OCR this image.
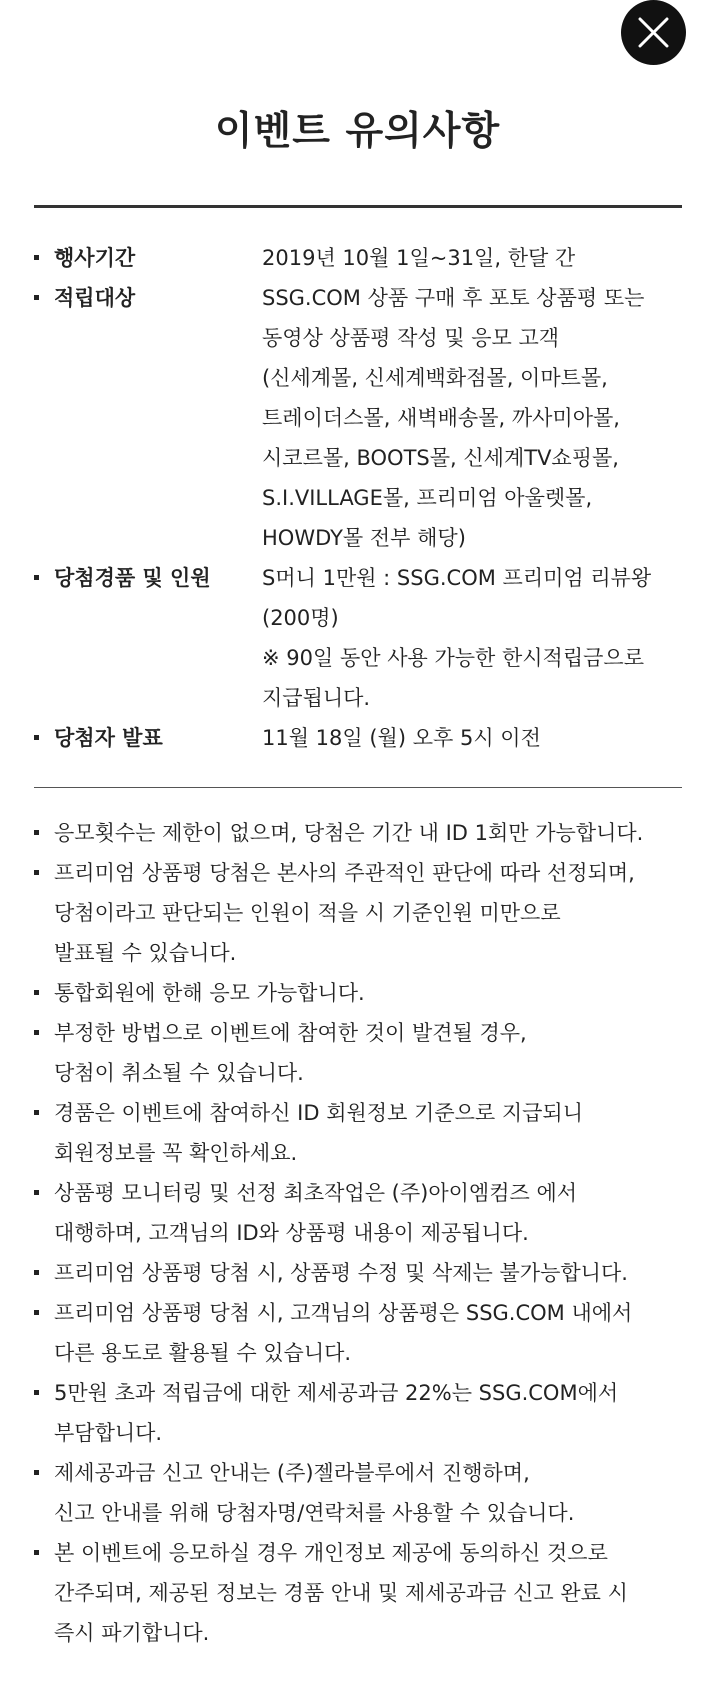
이벤트 유의사항
행사기간	2019년 10월 1일~31일, 한달 간
적립대상	SSG.COM 상품 구매 후 포토 상품평 또는
동영상 상품평 작성 및 응모 고객
(신세계몰, 신세계백화점몰, 이마트몰,
트레이더스몰, 새벽배송몰, 까사미아몰,
시코르몰, BOOTS몰, 신세계TV쇼핑몰,
S.I.VILLAGE몰, 프리미엄 아울렛몰,
HOWDY몰 전부 해당)
당첨경품 및 인원	S머니 1만원 : SSG.COM 프리미엄 리뷰왕
(200명)
※ 90일 동안 사용 가능한 한시적립금으로
지급됩니다.
당첨자 발표	11월 18일 (월) 오후 5시 이전
응모횟수는 제한이 없으며, 당첨은 기간 내 ID 1회만 가능합니다.
프리미엄 상품평 당첨은 본사의 주관적인 판단에 따라 선정되며,
당첨이라고 판단되는 인원이 적을 시 기준인원 미만으로
발표될 수 있습니다.
통합회원에 한해 응모 가능합니다.
부정한 방법으로 이벤트에 참여한 것이 발견될 경우,
당첨이 취소될 수 있습니다.
경품은 이벤트에 참여하신 ID 회원정보 기준으로 지급되니
회원정보를 꼭 확인하세요.
상품평 모니터링 및 선정 최초작업은 (주)아이엠컴즈 에서
대행하며, 고객님의 ID와 상품평 내용이 제공됩니다.
프리미엄 상품평 당첨 시, 상품평 수정 및 삭제는 불가능합니다.
프리미엄 상품평 당첨 시, 고객님의 상품평은 SSG.COM 내에서
다른 용도로 활용될 수 있습니다.
5만원 초과 적립금에 대한 제세공과금 22%는 SSG.COM에서
부담합니다.
제세공과금 신고 안내는 (주)젤라블루에서 진행하며,
신고 안내를 위해 당첨자명/연락처를 사용할 수 있습니다.
본 이벤트에 응모하실 경우 개인정보 제공에 동의하신 것으로
간주되며, 제공된 정보는 경품 안내 및 제세공과금 신고 완료 시
즉시 파기합니다.
